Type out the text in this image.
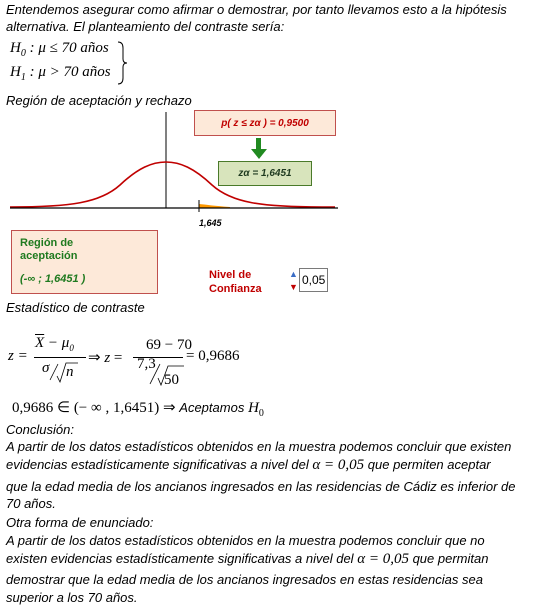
Entendemos asegurar como afirmar o demostrar, por tanto llevamos esto a la hipótesis
alternativa. El planteamiento del contraste sería:
$H_0$ : μ ≤ 70 años
$H_1$ : μ > 70 años
Región de aceptación y rechazo
1,645
p( z ≤ zα ) = 0,9500
zα = 1,6451
Región de
aceptación
(-∞ ; 1,6451 )	Nivel de
Confianza
▲
▼ 0,05
Estadístico de contraste
z =
$\overline{X} - \mu_0$
σ n
⇒ z =
69 − 70
7,3
50
= 0,9686
0,9686 ∈ (− ∞ , 1,6451) ⇒ Aceptamos $H_0$
Conclusión:
A partir de los datos estadísticos obtenidos en la muestra podemos concluir que existen
evidencias estadísticamente significativas a nivel del α = 0,05 que permiten aceptar
que la edad media de los ancianos ingresados en las residencias de Cádiz es inferior de
70 años.
Otra forma de enunciado:
A partir de los datos estadísticos obtenidos en la muestra podemos concluir que no
existen evidencias estadísticamente significativas a nivel del α = 0,05 que permitan
demostrar que la edad media de los ancianos ingresados en estas residencias sea
superior a los 70 años.
